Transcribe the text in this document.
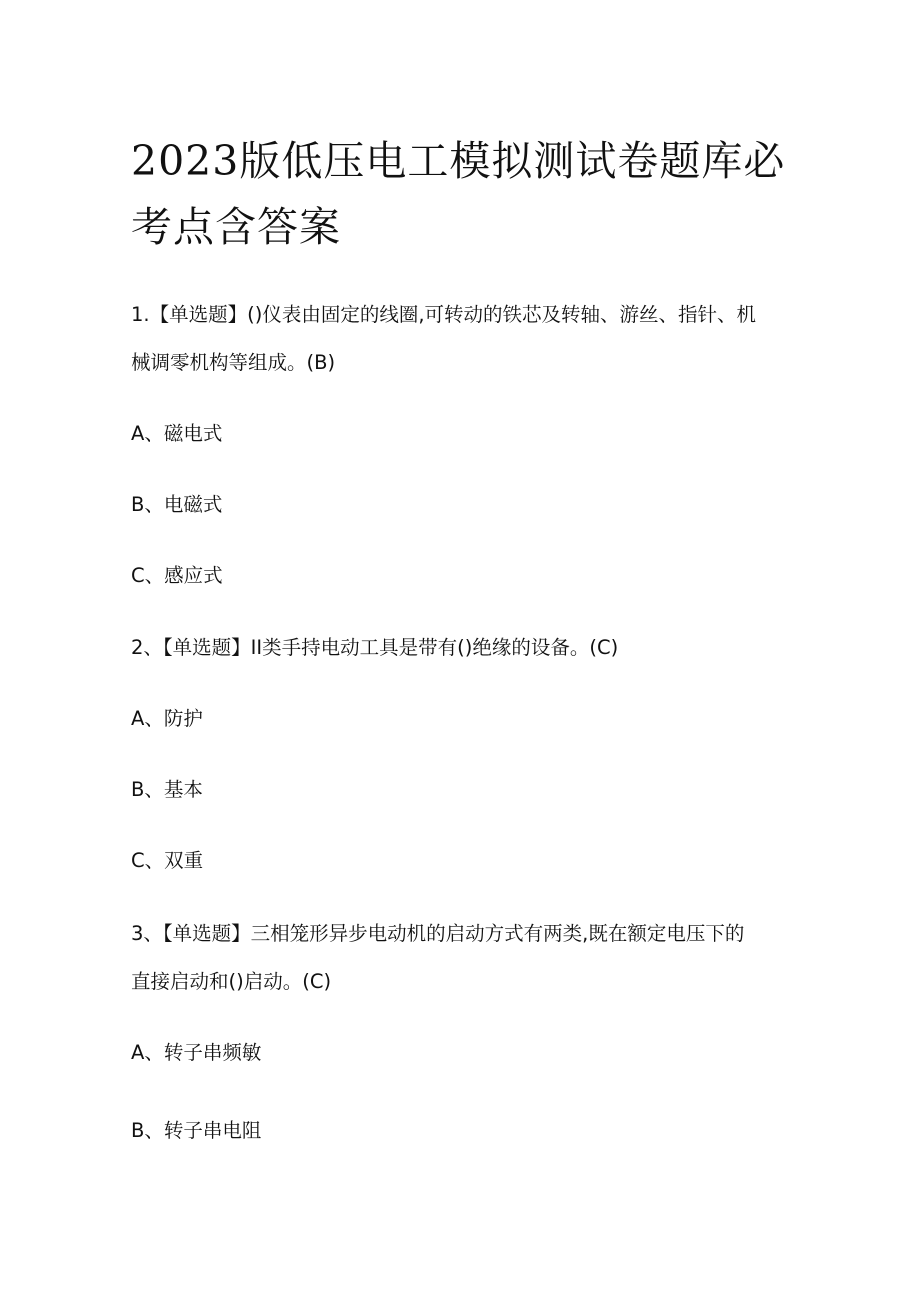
2023版低压电工模拟测试卷题库必
考点含答案

1.【单选题】()仪表由固定的线圈,可转动的铁芯及转轴、游丝、指针、机

械调零机构等组成。(B)

A、磁电式

B、电磁式

C、感应式

2、【单选题】II类手持电动工具是带有()绝缘的设备。(C)

A、防护

B、基本

C、双重

3、【单选题】三相笼形异步电动机的启动方式有两类,既在额定电压下的

直接启动和()启动。(C)

A、转子串频敏

B、转子串电阻
